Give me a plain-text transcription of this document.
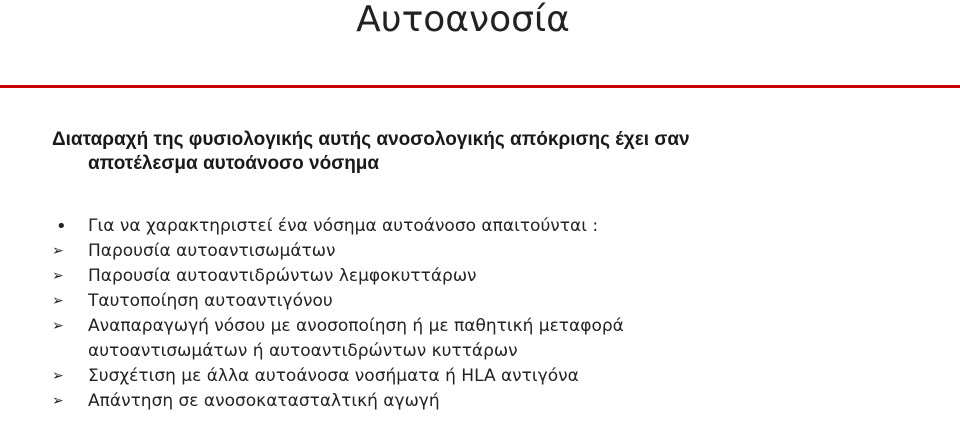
Αυτοανοσία
Διαταραχή της φυσιολογικής αυτής ανοσολογικής απόκρισης έχει σαν
αποτέλεσμα αυτοάνοσο νόσημα
•	Για να χαρακτηριστεί ένα νόσημα αυτοάνοσο απαιτούνται :
➢	Παρουσία αυτοαντισωμάτων
➢	Παρουσία αυτοαντιδρώντων λεμφοκυττάρων
➢	Ταυτοποίηση αυτοαντιγόνου
➢	Αναπαραγωγή νόσου με ανοσοποίηση ή με παθητική μεταφορά
αυτοαντισωμάτων ή αυτοαντιδρώντων κυττάρων
➢	Συσχέτιση με άλλα αυτοάνοσα νοσήματα ή HLA αντιγόνα
➢	Απάντηση σε ανοσοκατασταλτική αγωγή
